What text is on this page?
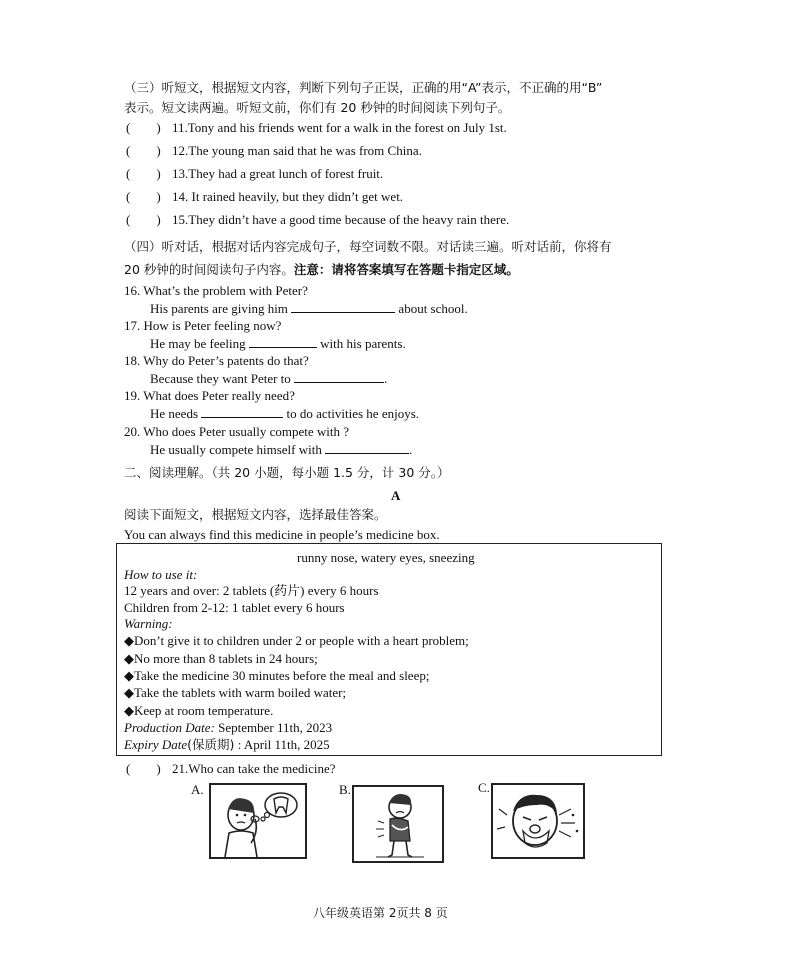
（三）听短文，根据短文内容，判断下列句子正误，正确的用“A”表示，不正确的用“B”
表示。短文读两遍。听短文前，你们有 20 秒钟的时间阅读下列句子。
(　　) 11.Tony and his friends went for a walk in the forest on July 1st.
(　　) 12.The young man said that he was from China.
(　　) 13.They had a great lunch of forest fruit.
(　　) 14. It rained heavily, but they didn’t get wet.
(　　) 15.They didn’t have a good time because of the heavy rain there.
（四）听对话，根据对话内容完成句子，每空词数不限。对话读三遍。听对话前，你将有
20 秒钟的时间阅读句子内容。注意：请将答案填写在答题卡指定区域。
16. What’s the problem with Peter?
His parents are giving him	about school.
17. How is Peter feeling now?
He may be feeling	with his parents.
18. Why do Peter’s patents do that?
Because they want Peter to	.
19. What does Peter really need?
He needs	to do activities he enjoys.
20. Who does Peter usually compete with ?
He usually compete himself with	.
二、阅读理解。（共 20 小题，每小题 1.5 分，计 30 分。）
A
阅读下面短文，根据短文内容，选择最佳答案。
You can always find this medicine in people’s medicine box.
runny nose, watery eyes, sneezing
How to use it:
12 years and over: 2 tablets (药片) every 6 hours
Children from 2-12: 1 tablet every 6 hours
Warning:
◆Don’t give it to children under 2 or people with a heart problem;
◆No more than 8 tablets in 24 hours;
◆Take the medicine 30 minutes before the meal and sleep;
◆Take the tablets with warm boiled water;
◆Keep at room temperature.
Production Date: September 11th, 2023
Expiry Date(保质期) : April 11th, 2025
(　　) 21.Who can take the medicine?
A.	B.	C.
八年级英语第 2页共 8 页
